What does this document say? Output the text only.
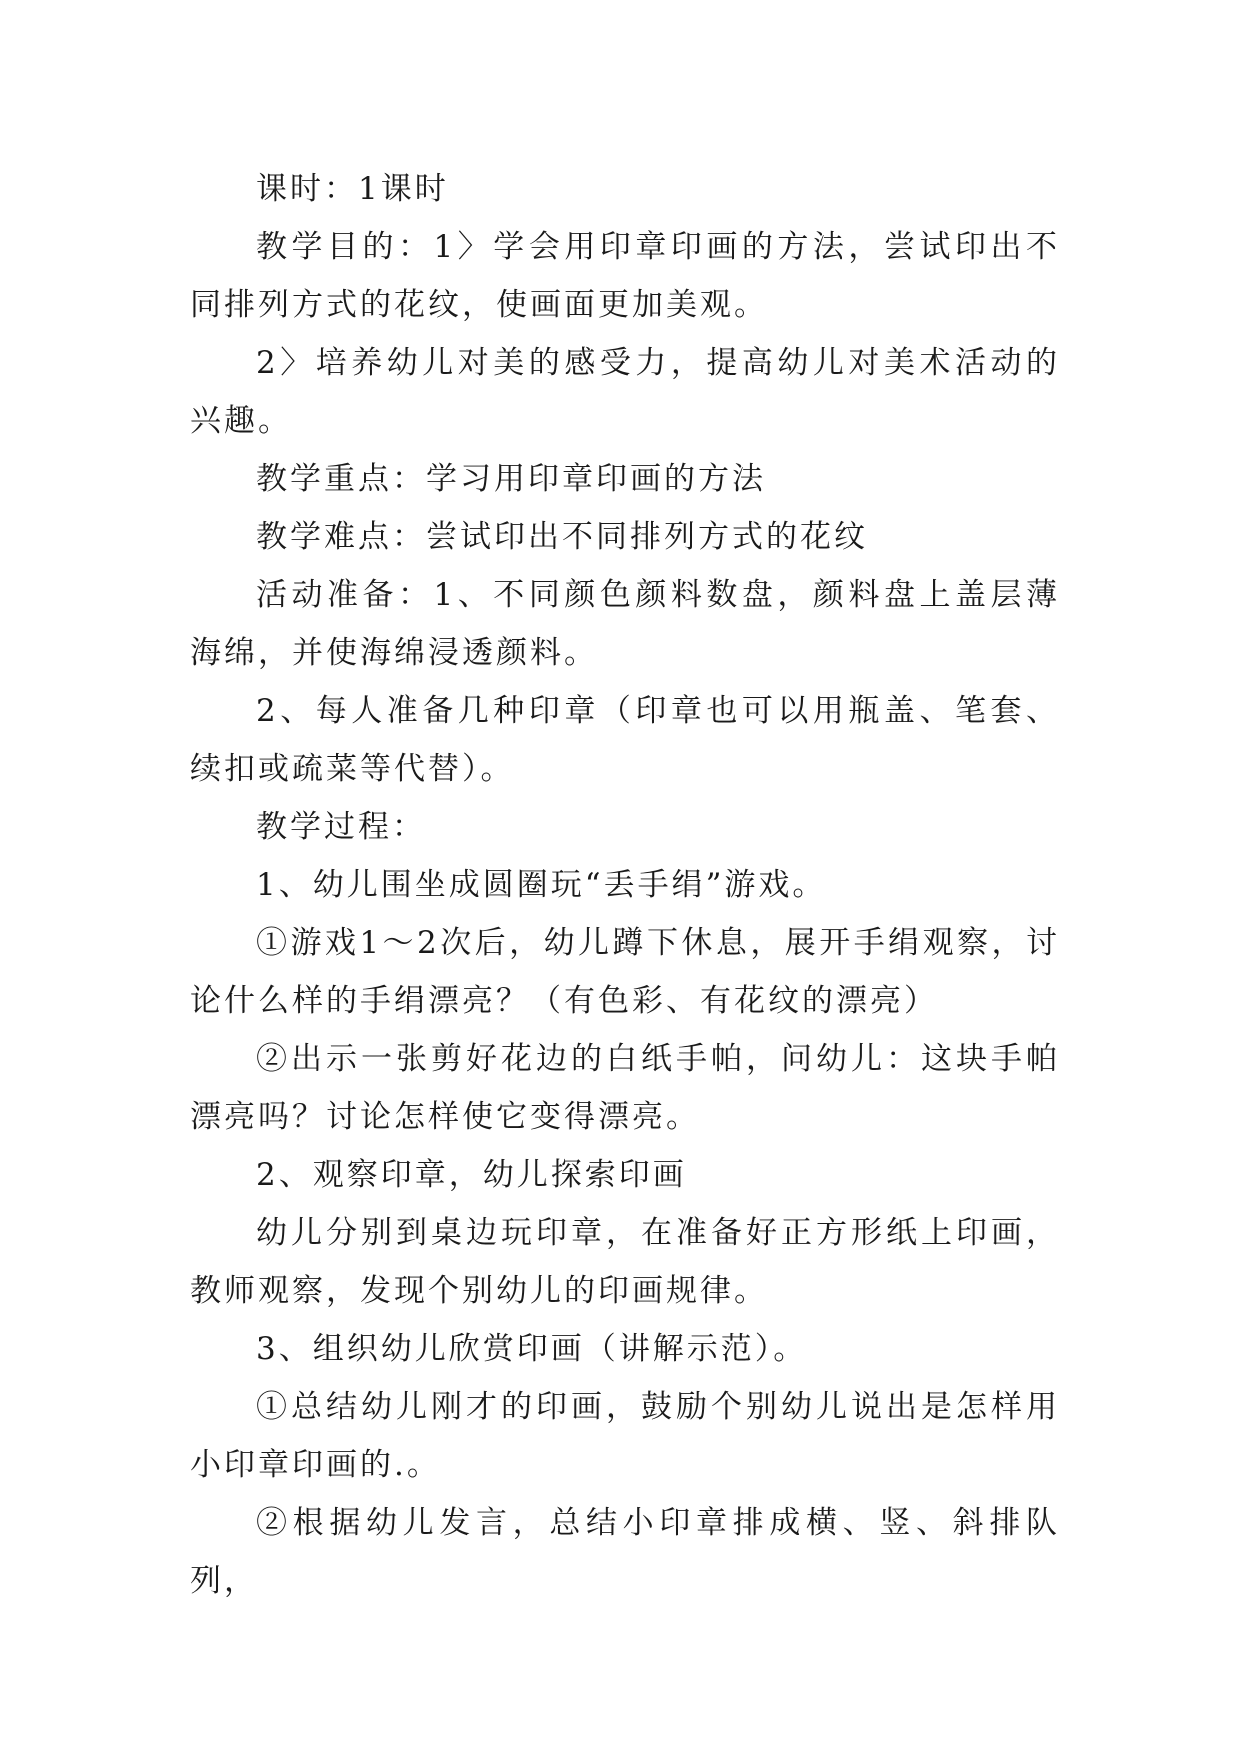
课时：1课时

教学目的：1〉学会用印章印画的方法，尝试印出不同排列方式的花纹，使画面更加美观。

2〉培养幼儿对美的感受力，提高幼儿对美术活动的兴趣。

教学重点：学习用印章印画的方法

教学难点：尝试印出不同排列方式的花纹

活动准备：1、不同颜色颜料数盘，颜料盘上盖层薄海绵，并使海绵浸透颜料。

2、每人准备几种印章（印章也可以用瓶盖、笔套、续扣或疏菜等代替）。

教学过程：

1、幼儿围坐成圆圈玩“丢手绢”游戏。

①游戏1～2次后，幼儿蹲下休息，展开手绢观察，讨论什么样的手绢漂亮？（有色彩、有花纹的漂亮）

②出示一张剪好花边的白纸手帕，问幼儿：这块手帕漂亮吗？讨论怎样使它变得漂亮。

2、观察印章，幼儿探索印画

幼儿分别到桌边玩印章，在准备好正方形纸上印画，教师观察，发现个别幼儿的印画规律。

3、组织幼儿欣赏印画（讲解示范）。

①总结幼儿刚才的印画，鼓励个别幼儿说出是怎样用小印章印画的.。

②根据幼儿发言，总结小印章排成横、竖、斜排队列，
